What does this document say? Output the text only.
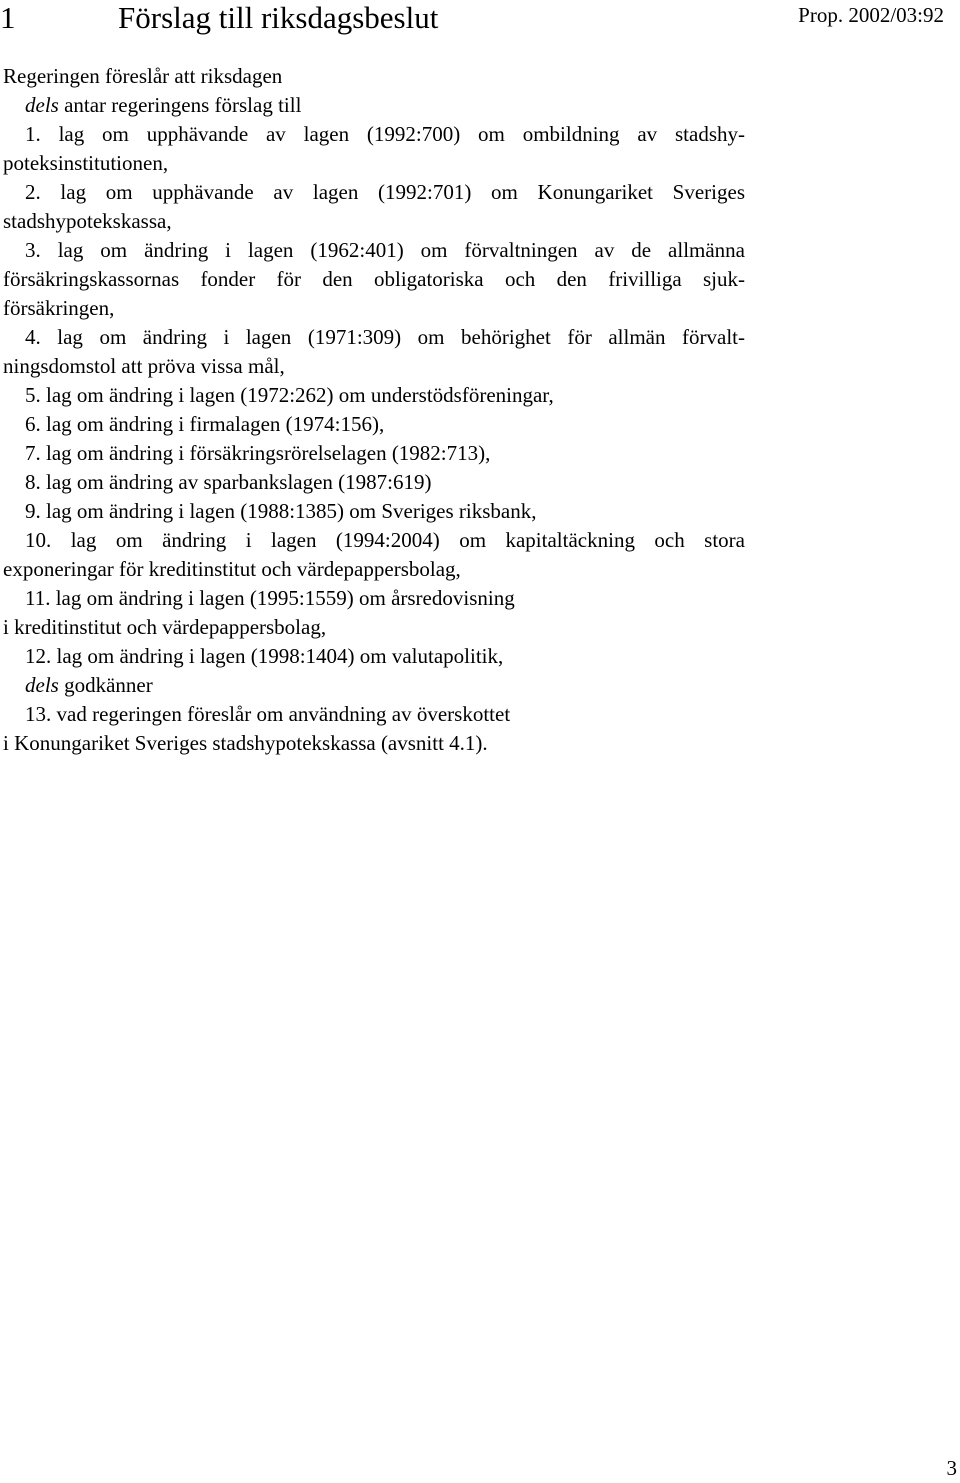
1	Förslag till riksdagsbeslut	Prop. 2002/03:92
Regeringen föreslår att riksdagen
dels antar regeringens förslag till
1. lag om upphävande av lagen (1992:700) om ombildning av stadshy-
poteksinstitutionen,
2. lag om upphävande av lagen (1992:701) om Konungariket Sveriges
stadshypotekskassa,
3. lag om ändring i lagen (1962:401) om förvaltningen av de allmänna
försäkringskassornas fonder för den obligatoriska och den frivilliga sjuk-
försäkringen,
4. lag om ändring i lagen (1971:309) om behörighet för allmän förvalt-
ningsdomstol att pröva vissa mål,
5. lag om ändring i lagen (1972:262) om understödsföreningar,
6. lag om ändring i firmalagen (1974:156),
7. lag om ändring i försäkringsrörelselagen (1982:713),
8. lag om ändring av sparbankslagen (1987:619)
9. lag om ändring i lagen (1988:1385) om Sveriges riksbank,
10. lag om ändring i lagen (1994:2004) om kapitaltäckning och stora
exponeringar för kreditinstitut och värdepappersbolag,
11. lag om ändring i lagen (1995:1559) om årsredovisning
i kreditinstitut och värdepappersbolag,
12. lag om ändring i lagen (1998:1404) om valutapolitik,
dels godkänner
13. vad regeringen föreslår om användning av överskottet
i Konungariket Sveriges stadshypotekskassa (avsnitt 4.1).
3
